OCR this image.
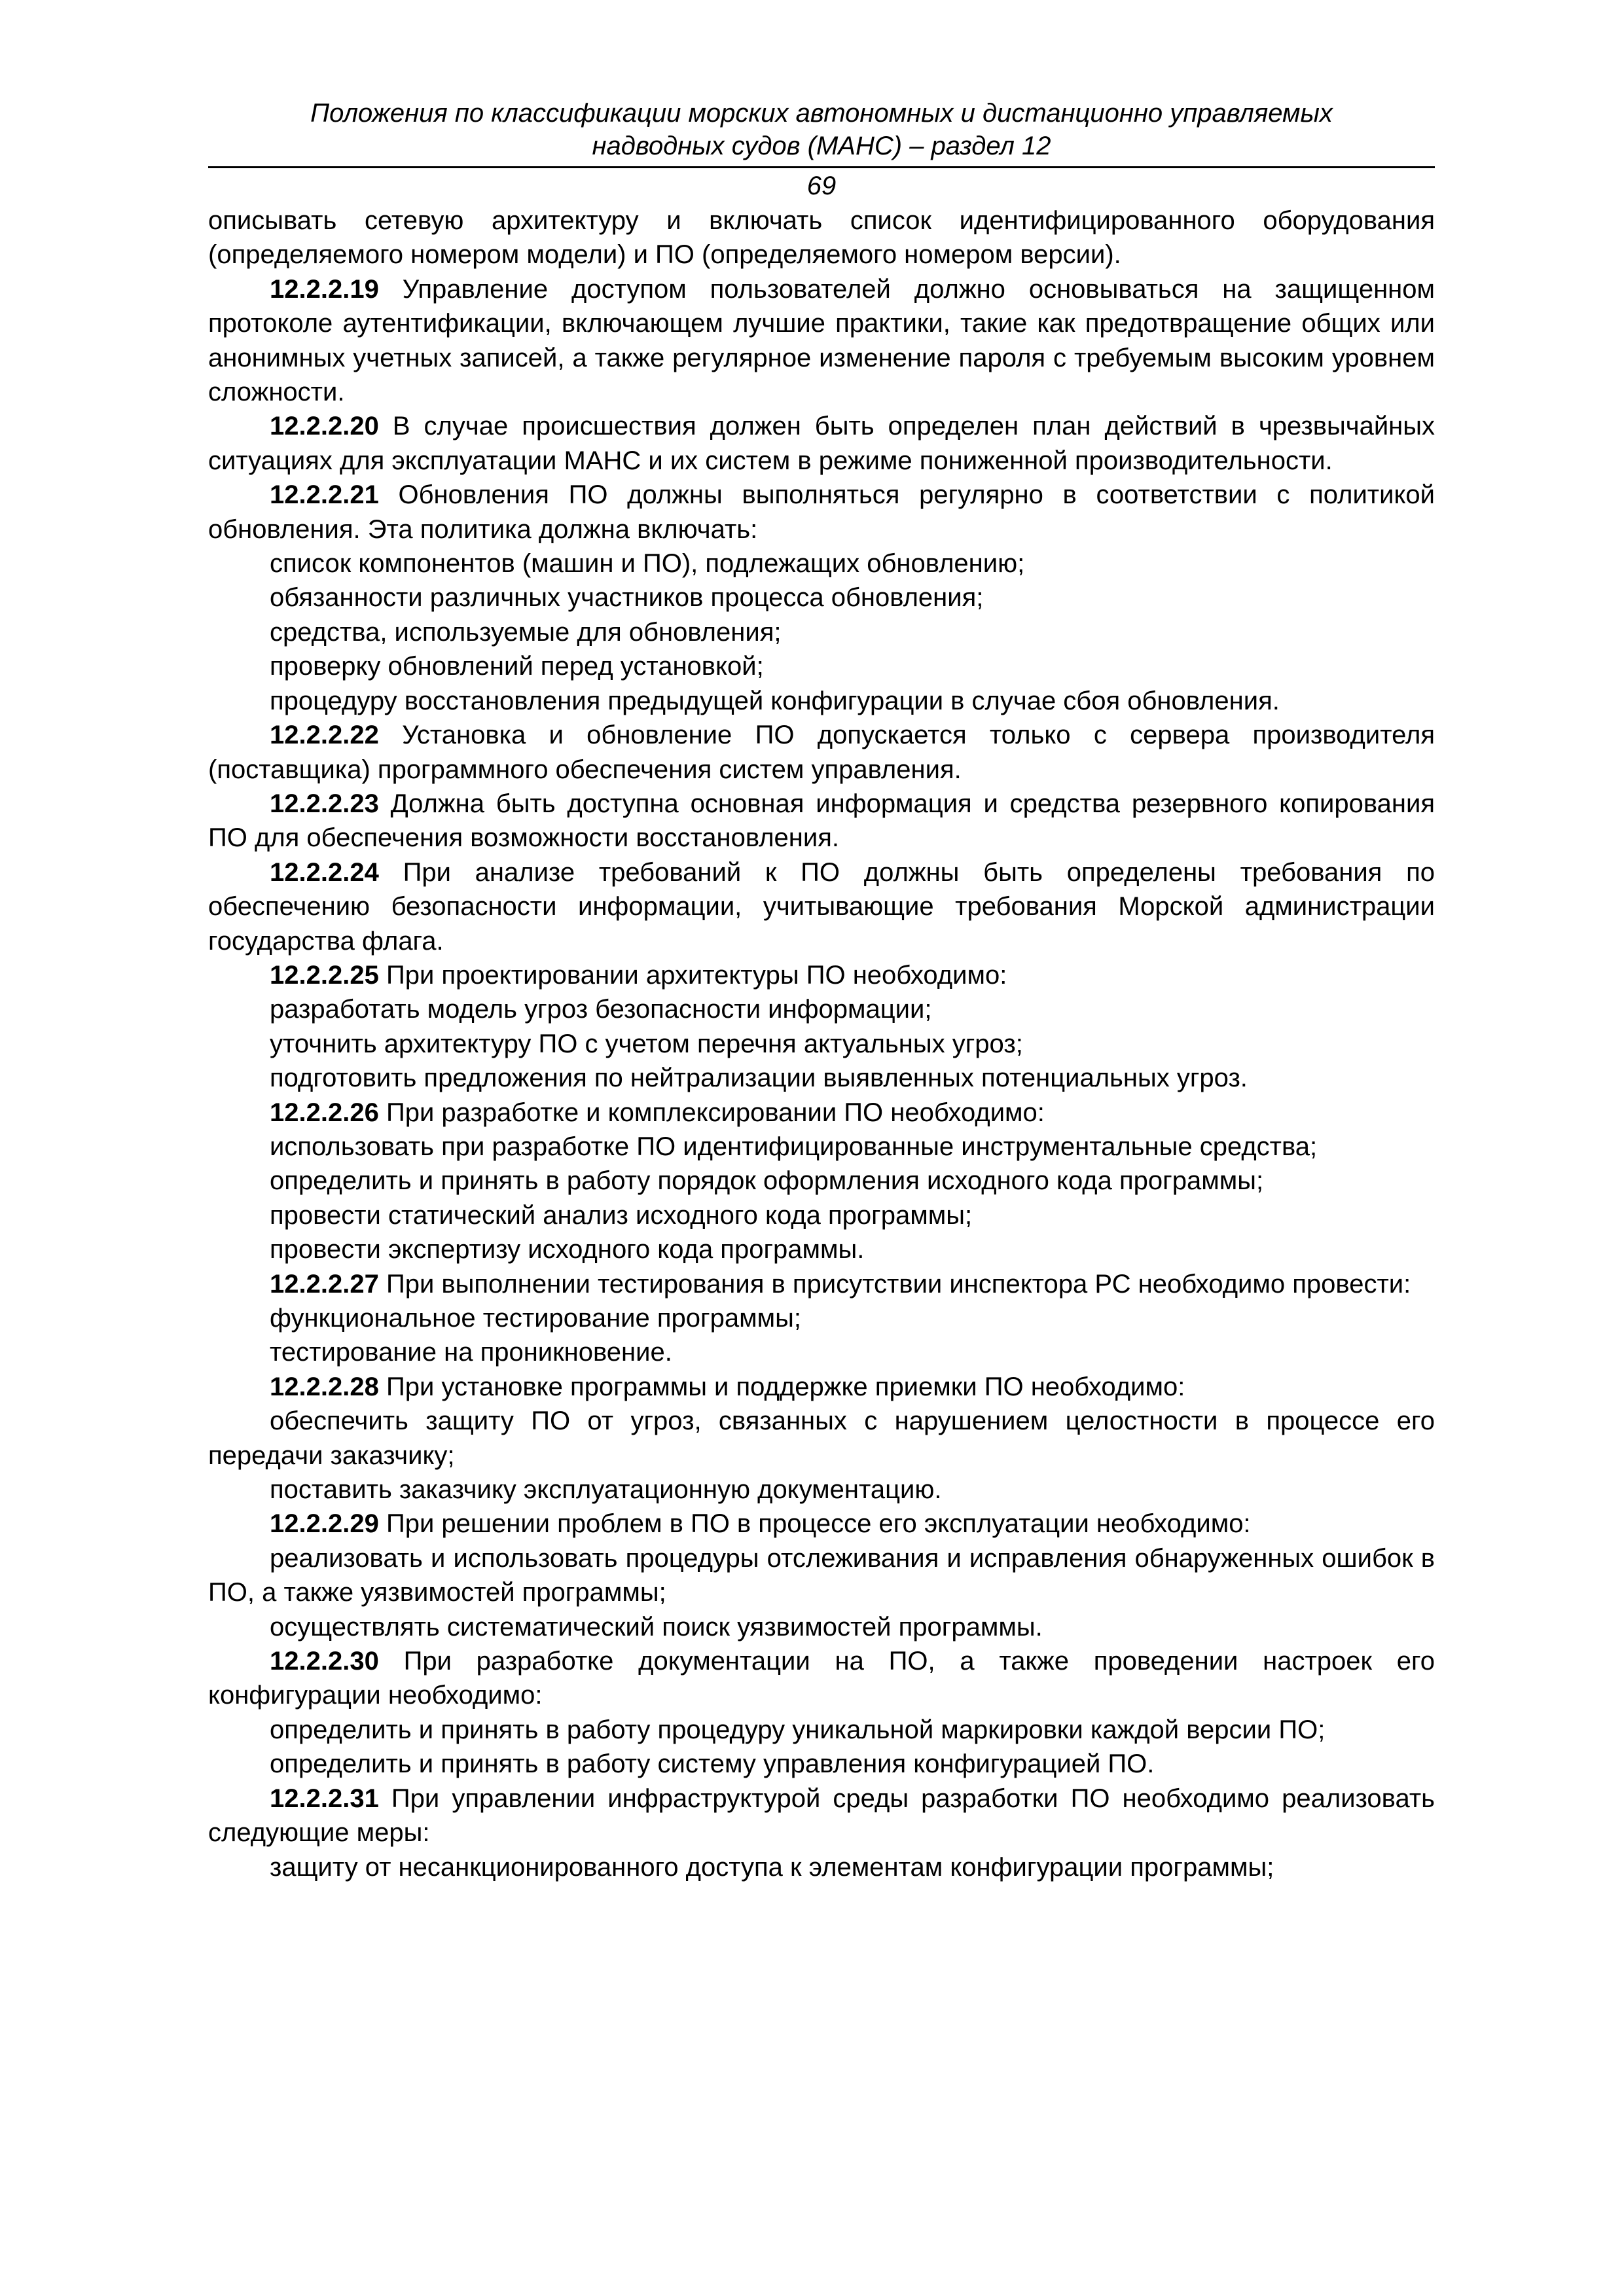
Положения по классификации морских автономных и дистанционно управляемых

надводных судов (МАНС) – раздел 12

69

описывать сетевую архитектуру и включать список идентифицированного оборудования (определяемого номером модели) и ПО (определяемого номером версии).

12.2.2.19 Управление доступом пользователей должно основываться на защищенном протоколе аутентификации, включающем лучшие практики, такие как предотвращение общих или анонимных учетных записей, а также регулярное изменение пароля с требуемым высоким уровнем сложности.

12.2.2.20 В случае происшествия должен быть определен план действий в чрезвычайных ситуациях для эксплуатации МАНС и их систем в режиме пониженной производительности.

12.2.2.21 Обновления ПО должны выполняться регулярно в соответствии с политикой обновления. Эта политика должна включать:

список компонентов (машин и ПО), подлежащих обновлению;

обязанности различных участников процесса обновления;

средства, используемые для обновления;

проверку обновлений перед установкой;

процедуру восстановления предыдущей конфигурации в случае сбоя обновления.

12.2.2.22 Установка и обновление ПО допускается только с сервера производителя (поставщика) программного обеспечения систем управления.

12.2.2.23 Должна быть доступна основная информация и средства резервного копирования ПО для обеспечения возможности восстановления.

12.2.2.24 При анализе требований к ПО должны быть определены требования по обеспечению безопасности информации, учитывающие требования Морской администрации государства флага.

12.2.2.25 При проектировании архитектуры ПО необходимо:

разработать модель угроз безопасности информации;

уточнить архитектуру ПО с учетом перечня актуальных угроз;

подготовить предложения по нейтрализации выявленных потенциальных угроз.

12.2.2.26 При разработке и комплексировании ПО необходимо:

использовать при разработке ПО идентифицированные инструментальные средства;

определить и принять в работу порядок оформления исходного кода программы;

провести статический анализ исходного кода программы;

провести экспертизу исходного кода программы.

12.2.2.27 При выполнении тестирования в присутствии инспектора РС необходимо провести:

функциональное тестирование программы;

тестирование на проникновение.

12.2.2.28 При установке программы и поддержке приемки ПО необходимо:

обеспечить защиту ПО от угроз, связанных с нарушением целостности в процессе его передачи заказчику;

поставить заказчику эксплуатационную документацию.

12.2.2.29 При решении проблем в ПО в процессе его эксплуатации необходимо:

реализовать и использовать процедуры отслеживания и исправления обнаруженных ошибок в ПО, а также уязвимостей программы;

осуществлять систематический поиск уязвимостей программы.

12.2.2.30 При разработке документации на ПО, а также проведении настроек его конфигурации необходимо:

определить и принять в работу процедуру уникальной маркировки каждой версии ПО;

определить и принять в работу систему управления конфигурацией ПО.

12.2.2.31 При управлении инфраструктурой среды разработки ПО необходимо реализовать следующие меры:

защиту от несанкционированного доступа к элементам конфигурации программы;
